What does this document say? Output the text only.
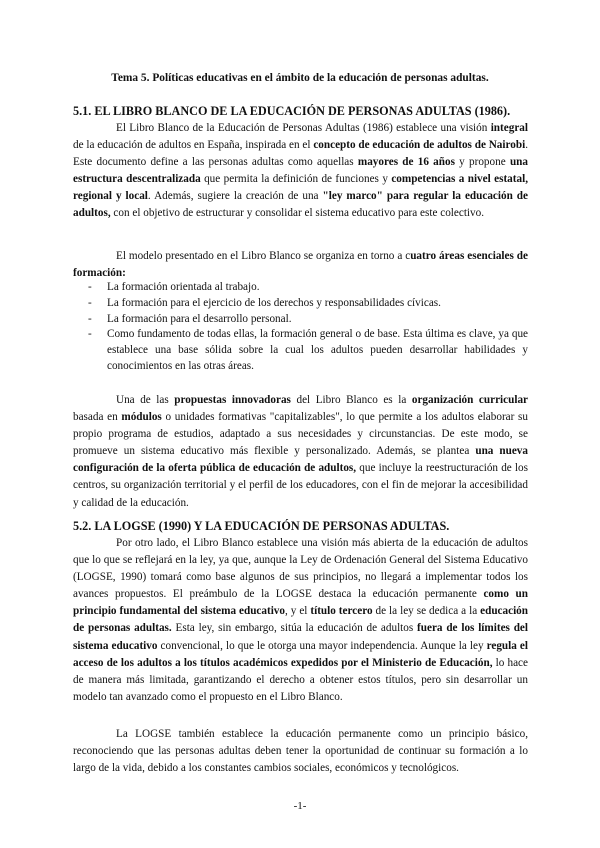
Tema 5. Políticas educativas en el ámbito de la educación de personas adultas.
5.1. EL LIBRO BLANCO DE LA EDUCACIÓN DE PERSONAS ADULTAS (1986).

El Libro Blanco de la Educación de Personas Adultas (1986) establece una visión integral de la educación de adultos en España, inspirada en el concepto de educación de adultos de Nairobi. Este documento define a las personas adultas como aquellas mayores de 16 años y propone una estructura descentralizada que permita la definición de funciones y competencias a nivel estatal, regional y local. Además, sugiere la creación de una "ley marco" para regular la educación de adultos, con el objetivo de estructurar y consolidar el sistema educativo para este colectivo.

El modelo presentado en el Libro Blanco se organiza en torno a cuatro áreas esenciales de formación:

- La formación orientada al trabajo.
- La formación para el ejercicio de los derechos y responsabilidades cívicas.
- La formación para el desarrollo personal.
- Como fundamento de todas ellas, la formación general o de base. Esta última es clave, ya que establece una base sólida sobre la cual los adultos pueden desarrollar habilidades y conocimientos en las otras áreas.

Una de las propuestas innovadoras del Libro Blanco es la organización curricular basada en módulos o unidades formativas "capitalizables", lo que permite a los adultos elaborar su propio programa de estudios, adaptado a sus necesidades y circunstancias. De este modo, se promueve un sistema educativo más flexible y personalizado. Además, se plantea una nueva configuración de la oferta pública de educación de adultos, que incluye la reestructuración de los centros, su organización territorial y el perfil de los educadores, con el fin de mejorar la accesibilidad y calidad de la educación.

5.2. LA LOGSE (1990) Y LA EDUCACIÓN DE PERSONAS ADULTAS.

Por otro lado, el Libro Blanco establece una visión más abierta de la educación de adultos que lo que se reflejará en la ley, ya que, aunque la Ley de Ordenación General del Sistema Educativo (LOGSE, 1990) tomará como base algunos de sus principios, no llegará a implementar todos los avances propuestos. El preámbulo de la LOGSE destaca la educación permanente como un principio fundamental del sistema educativo, y el título tercero de la ley se dedica a la educación de personas adultas. Esta ley, sin embargo, sitúa la educación de adultos fuera de los límites del sistema educativo convencional, lo que le otorga una mayor independencia. Aunque la ley regula el acceso de los adultos a los títulos académicos expedidos por el Ministerio de Educación, lo hace de manera más limitada, garantizando el derecho a obtener estos títulos, pero sin desarrollar un modelo tan avanzado como el propuesto en el Libro Blanco.

La LOGSE también establece la educación permanente como un principio básico, reconociendo que las personas adultas deben tener la oportunidad de continuar su formación a lo largo de la vida, debido a los constantes cambios sociales, económicos y tecnológicos.

-1-
